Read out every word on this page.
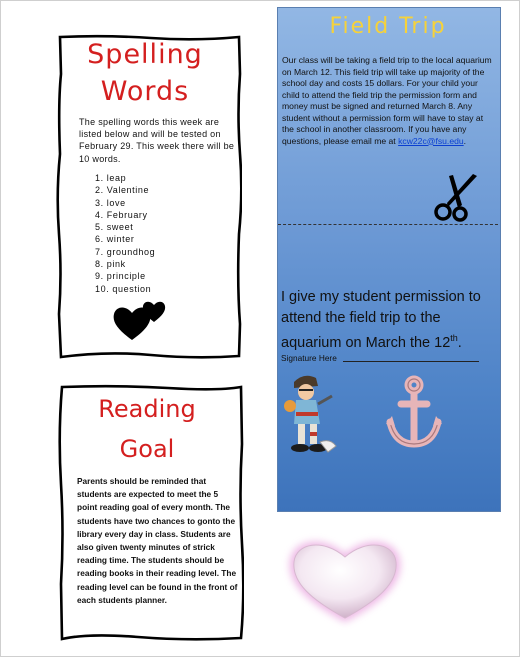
Spelling
Words
The spelling words this week are listed below and will be tested on February 29. This week there will be 10 words.
1. leap
2. Valentine
3. love
4. February
5. sweet
6. winter
7. groundhog
8. pink
9. principle
10. question
Reading
Goal
Parents should be reminded that students are expected to meet the 5 point reading goal of every month. The students have two chances to gonto the library every day in class. Students are also given twenty minutes of strick reading time. The students should be reading books in their reading level. The reading level can be found in the front of each students planner.
Field Trip
Our class will be taking a field trip to the local aquarium on March 12. This field trip will take up majority of the school day and costs 15 dollars. For your child your child to attend the field trip the permission form and money must be signed and returned March 8. Any student without a permission form will have to stay at the school in another classroom. If you have any questions, please email me at kcw22c@fsu.edu.
I give my student permission to attend the field trip to the aquarium on March the 12th.
Signature Here
